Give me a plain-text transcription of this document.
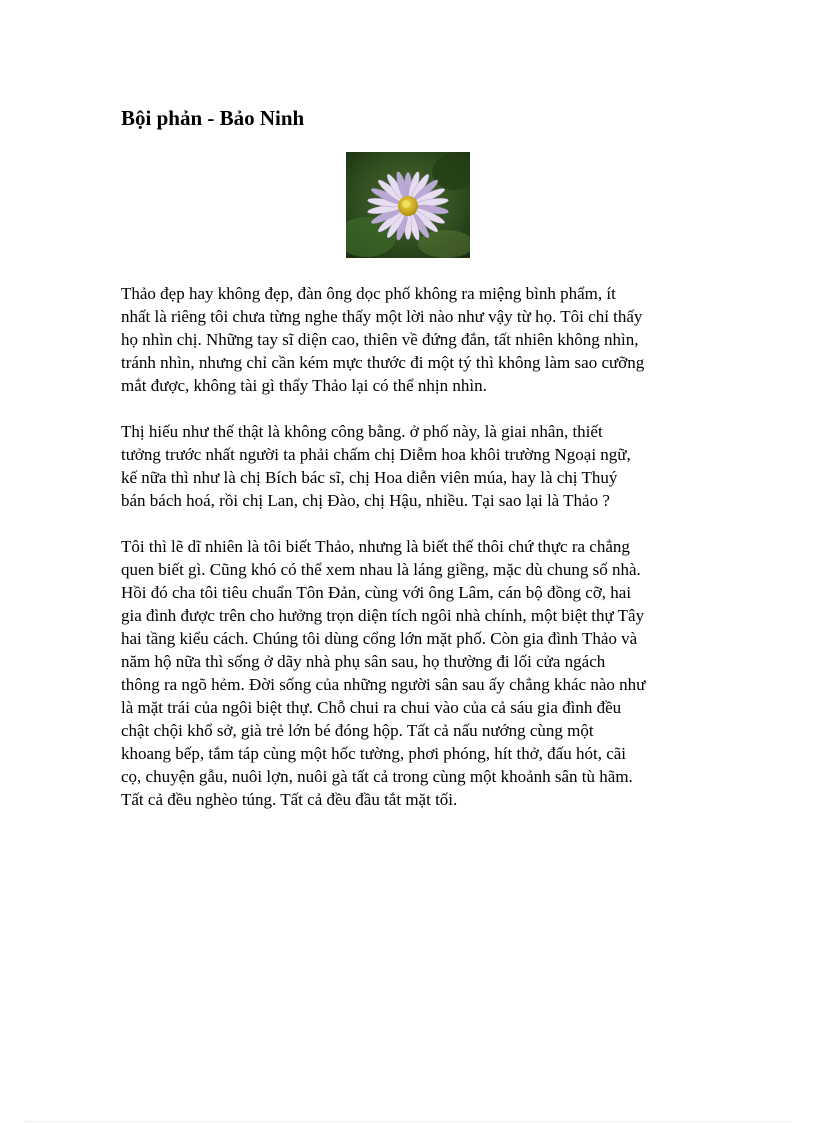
Bội phản - Bảo Ninh
Thảo đẹp hay không đẹp, đàn ông dọc phố không ra miệng bình phẩm, ít
nhất là riêng tôi chưa từng nghe thấy một lời nào như vậy từ họ. Tôi chỉ thấy
họ nhìn chị. Những tay sĩ diện cao, thiên về đứng đắn, tất nhiên không nhìn,
tránh nhìn, nhưng chỉ cần kém mực thước đi một tý thì không làm sao cưỡng
mắt được, không tài gì thấy Thảo lại có thể nhịn nhìn.
Thị hiếu như thế thật là không công bằng. ở phố này, là giai nhân, thiết
tưởng trước nhất người ta phải chấm chị Diễm hoa khôi trường Ngoại ngữ,
kế nữa thì như là chị Bích bác sĩ, chị Hoa diễn viên múa, hay là chị Thuý
bán bách hoá, rồi chị Lan, chị Đào, chị Hậu, nhiều. Tại sao lại là Thảo ?
Tôi thì lẽ dĩ nhiên là tôi biết Thảo, nhưng là biết thế thôi chứ thực ra chẳng
quen biết gì. Cũng khó có thể xem nhau là láng giềng, mặc dù chung số nhà.
Hồi đó cha tôi tiêu chuẩn Tôn Đản, cùng với ông Lâm, cán bộ đồng cỡ, hai
gia đình được trên cho hưởng trọn diện tích ngôi nhà chính, một biệt thự Tây
hai tầng kiểu cách. Chúng tôi dùng cổng lớn mặt phố. Còn gia đình Thảo và
năm hộ nữa thì sống ở dãy nhà phụ sân sau, họ thường đi lối cửa ngách
thông ra ngõ hẻm. Đời sống của những người sân sau ấy chẳng khác nào như
là mặt trái của ngôi biệt thự. Chỗ chui ra chui vào của cả sáu gia đình đều
chật chội khổ sở, già trẻ lớn bé đóng hộp. Tất cả nấu nướng cùng một
khoang bếp, tắm táp cùng một hốc tường, phơi phóng, hít thở, đấu hót, cãi
cọ, chuyện gẫu, nuôi lợn, nuôi gà tất cả trong cùng một khoảnh sân tù hãm.
Tất cả đều nghèo túng. Tất cả đều đầu tắt mặt tối.
